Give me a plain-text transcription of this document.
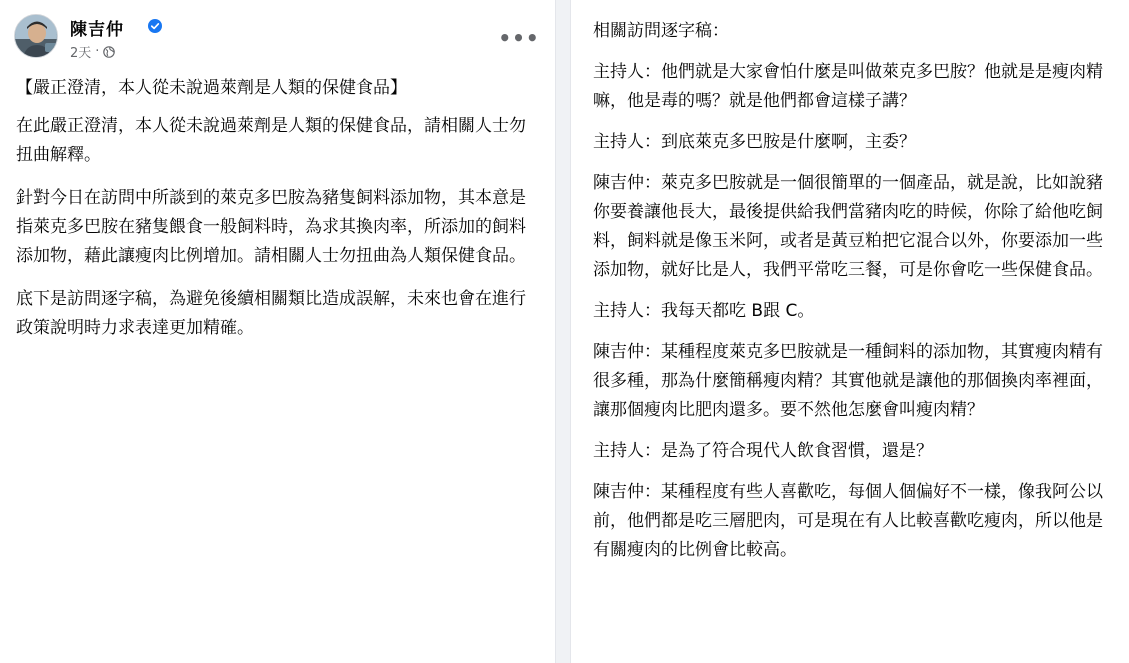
陳吉仲
2天 ·
•••

【嚴正澄清，本人從未說過萊劑是人類的保健食品】

在此嚴正澄清，本人從未說過萊劑是人類的保健食品，請相關人士勿扭曲解釋。

針對今日在訪問中所談到的萊克多巴胺為豬隻飼料添加物，其本意是指萊克多巴胺在豬隻餵食一般飼料時，為求其換肉率，所添加的飼料添加物，藉此讓瘦肉比例增加。請相關人士勿扭曲為人類保健食品。

底下是訪問逐字稿，為避免後續相關類比造成誤解，未來也會在進行政策說明時力求表達更加精確。

相關訪問逐字稿：

主持人：他們就是大家會怕什麼是叫做萊克多巴胺？他就是是瘦肉精嘛，他是毒的嗎？就是他們都會這樣子講？

主持人：到底萊克多巴胺是什麼啊，主委？

陳吉仲：萊克多巴胺就是一個很簡單的一個產品，就是說，比如說豬你要養讓他長大，最後提供給我們當豬肉吃的時候，你除了給他吃飼料，飼料就是像玉米阿，或者是黃豆粕把它混合以外，你要添加一些添加物，就好比是人，我們平常吃三餐，可是你會吃一些保健食品。

主持人：我每天都吃 B跟 C。

陳吉仲：某種程度萊克多巴胺就是一種飼料的添加物，其實瘦肉精有很多種，那為什麼簡稱瘦肉精？其實他就是讓他的那個換肉率裡面，讓那個瘦肉比肥肉還多。要不然他怎麼會叫瘦肉精？

主持人：是為了符合現代人飲食習慣，還是？

陳吉仲：某種程度有些人喜歡吃，每個人個偏好不一樣，像我阿公以前，他們都是吃三層肥肉，可是現在有人比較喜歡吃瘦肉，所以他是有關瘦肉的比例會比較高。
